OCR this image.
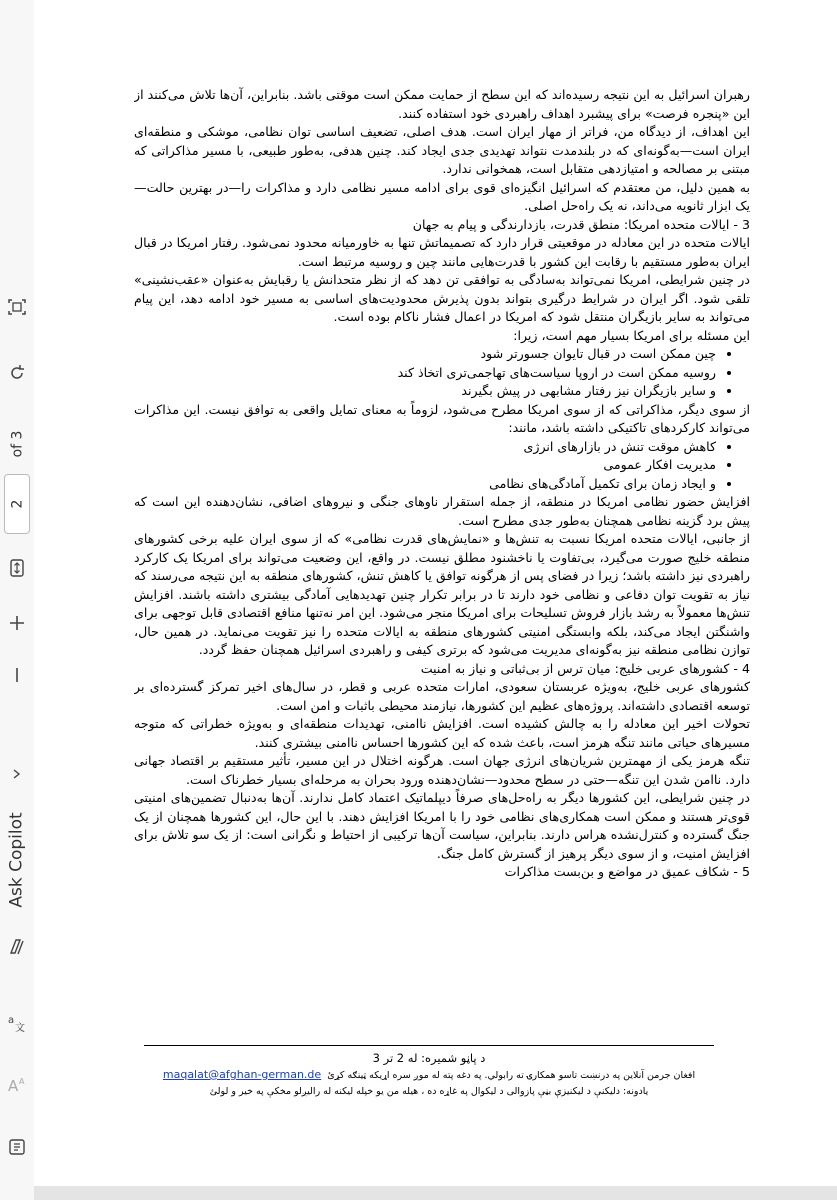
of 3
2
Ask Copilot
a
文
A A

رهبران اسرائیل به این نتیجه رسیده‌اند که این سطح از حمایت ممکن است موقتی باشد. بنابراین، آن‌ها تلاش می‌کنند از این «پنجره فرصت» برای پیشبرد اهداف راهبردی خود استفاده کنند.

این اهداف، از دیدگاه من، فراتر از مهار ایران است. هدف اصلی، تضعیف اساسی توان نظامی، موشکی و منطقه‌ای ایران است—به‌گونه‌ای که در بلندمدت نتواند تهدیدی جدی ایجاد کند. چنین هدفی، به‌طور طبیعی، با مسیر مذاکراتی که مبتنی بر مصالحه و امتیازدهی متقابل است، همخوانی ندارد.

به همین دلیل، من معتقدم که اسرائیل انگیزه‌ای قوی برای ادامه مسیر نظامی دارد و مذاکرات را—در بهترین حالت—یک ابزار ثانویه می‌داند، نه یک راه‌حل اصلی.

3 - ایالات متحده امریکا: منطق قدرت، بازدارندگی و پیام به جهان

ایالات متحده در این معادله در موقعیتی قرار دارد که تصمیماتش تنها به خاورمیانه محدود نمی‌شود. رفتار امریکا در قبال ایران به‌طور مستقیم با رقابت این کشور با قدرت‌هایی مانند چین و روسیه مرتبط است.

در چنین شرایطی، امریکا نمی‌تواند به‌سادگی به توافقی تن دهد که از نظر متحدانش یا رقبایش به‌عنوان «عقب‌نشینی» تلقی شود. اگر ایران در شرایط درگیری بتواند بدون پذیرش محدودیت‌های اساسی به مسیر خود ادامه دهد، این پیام می‌تواند به سایر بازیگران منتقل شود که امریکا در اعمال فشار ناکام بوده است.

این مسئله برای امریکا بسیار مهم است، زیرا:

• چین ممکن است در قبال تایوان جسورتر شود
• روسیه ممکن است در اروپا سیاست‌های تهاجمی‌تری اتخاذ کند
• و سایر بازیگران نیز رفتار مشابهی در پیش بگیرند

از سوی دیگر، مذاکراتی که از سوی امریکا مطرح می‌شود، لزوماً به معنای تمایل واقعی به توافق نیست. این مذاکرات می‌تواند کارکردهای تاکتیکی داشته باشد، مانند:

• کاهش موقت تنش در بازارهای انرژی
• مدیریت افکار عمومی
• و ایجاد زمان برای تکمیل آمادگی‌های نظامی

افزایش حضور نظامی امریکا در منطقه، از جمله استقرار ناوهای جنگی و نیروهای اضافی، نشان‌دهنده این است که پیش برد گزینه نظامی همچنان به‌طور جدی مطرح است.

از جانبی، ایالات متحده امریکا نسبت به تنش‌ها و «نمایش‌های قدرت نظامی» که از سوی ایران علیه برخی کشورهای منطقه خلیج صورت می‌گیرد، بی‌تفاوت یا ناخشنود مطلق نیست. در واقع، این وضعیت می‌تواند برای امریکا یک کارکرد راهبردی نیز داشته باشد؛ زیرا در فضای پس از هرگونه توافق یا کاهش تنش، کشورهای منطقه به این نتیجه می‌رسند که نیاز به تقویت توان دفاعی و نظامی خود دارند تا در برابر تکرار چنین تهدیدهایی آمادگی بیشتری داشته باشند. افزایش تنش‌ها معمولاً به رشد بازار فروش تسلیحات برای امریکا منجر می‌شود. این امر نه‌تنها منافع اقتصادی قابل توجهی برای واشنگتن ایجاد می‌کند، بلکه وابستگی امنیتی کشورهای منطقه به ایالات متحده را نیز تقویت می‌نماید. در همین حال، توازن نظامی منطقه نیز به‌گونه‌ای مدیریت می‌شود که برتری کیفی و راهبردی اسرائیل همچنان حفظ گردد.

4 - کشورهای عربی خلیج: میان ترس از بی‌ثباتی و نیاز به امنیت

کشورهای عربی خلیج، به‌ویژه عربستان سعودی، امارات متحده عربی و قطر، در سال‌های اخیر تمرکز گسترده‌ای بر توسعه اقتصادی داشته‌اند. پروژه‌های عظیم این کشورها، نیازمند محیطی باثبات و امن است.

تحولات اخیر این معادله را به چالش کشیده است. افزایش ناامنی، تهدیدات منطقه‌ای و به‌ویژه خطراتی که متوجه مسیرهای حیاتی مانند تنگه هرمز است، باعث شده که این کشورها احساس ناامنی بیشتری کنند.

تنگه هرمز یکی از مهمترین شریان‌های انرژی جهان است. هرگونه اختلال در این مسیر، تأثیر مستقیم بر اقتصاد جهانی دارد. ناامن شدن این تنگه—حتی در سطح محدود—نشان‌دهنده ورود بحران به مرحله‌ای بسیار خطرناک است.

در چنین شرایطی، این کشورها دیگر به راه‌حل‌های صرفاً دیپلماتیک اعتماد کامل ندارند. آن‌ها به‌دنبال تضمین‌های امنیتی قوی‌تر هستند و ممکن است همکاری‌های نظامی خود را با امریکا افزایش دهند. با این حال، این کشورها همچنان از یک جنگ گسترده و کنترل‌نشده هراس دارند. بنابراین، سیاست آن‌ها ترکیبی از احتیاط و نگرانی است: از یک سو تلاش برای افزایش امنیت، و از سوی دیگر پرهیز از گسترش کامل جنگ.

5 - شکاف عمیق در مواضع و بن‌بست مذاکرات
د پاڼو شمیره: له 2 تر 3
افغان جرمن آنلاين په درنښت تاسو همکارۍ ته رابولي. په دغه پته له موږ سره اړیکه ټینګه کړئ  maqalat@afghan-german.de
یادونه: دلیکنې د لیکنيزې بڼې پازوالی د لیکوال په غاړه ده ، هیله من یو خپله لیکنه له رالیږلو مخکې په خیر و لولئ
